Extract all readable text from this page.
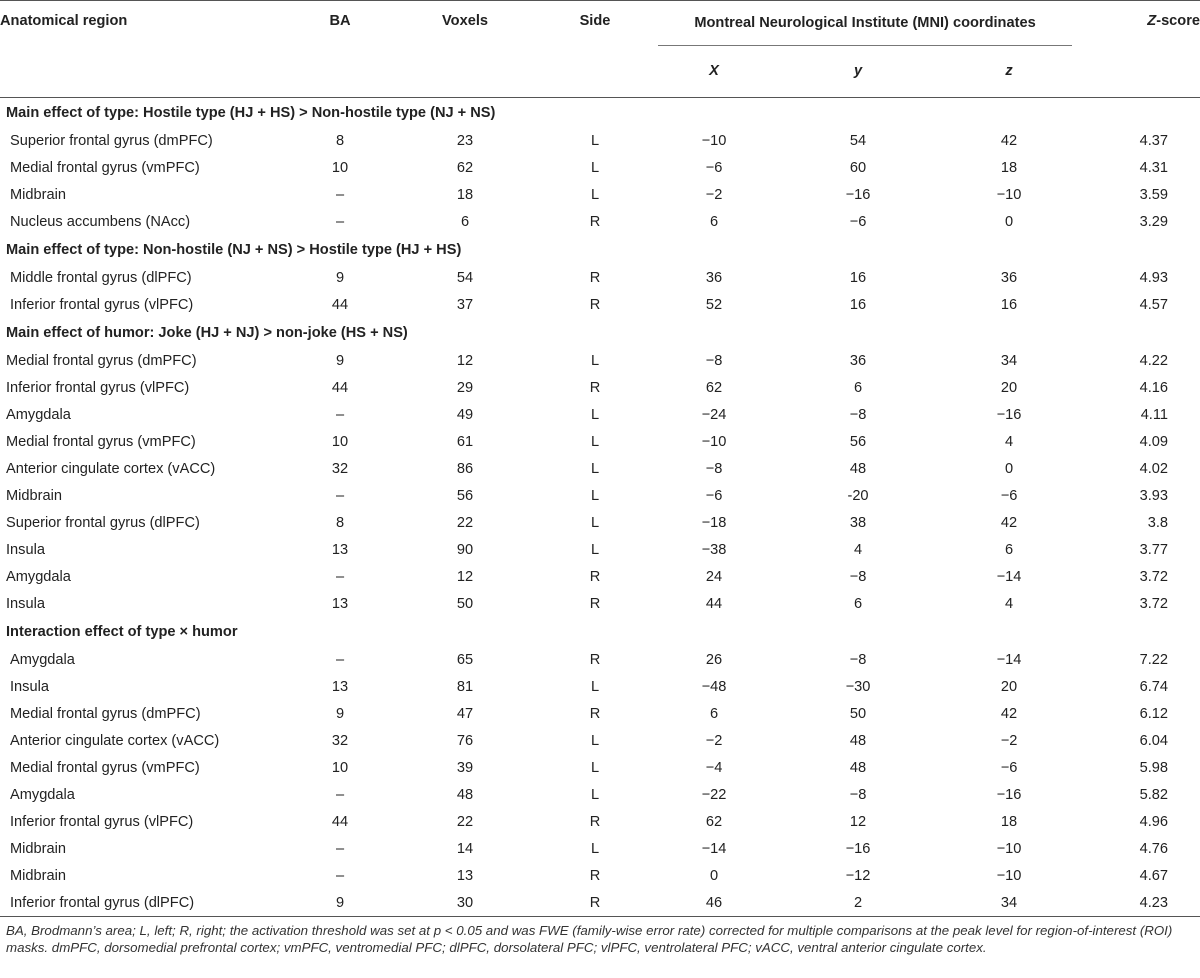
Anatomical region	BA	Voxels	Side	Montreal Neurological Institute (MNI) coordinates			Z-score
				X	y	z	
Main effect of type: Hostile type (HJ + HS) > Non-hostile type (NJ + NS)							
Superior frontal gyrus (dmPFC)	8	23	L	−10	54	42	4.37
Medial frontal gyrus (vmPFC)	10	62	L	−6	60	18	4.31
Midbrain	–	18	L	−2	−16	−10	3.59
Nucleus accumbens (NAcc)	–	6	R	6	−6	0	3.29
Main effect of type: Non-hostile (NJ + NS) > Hostile type (HJ + HS)							
Middle frontal gyrus (dlPFC)	9	54	R	36	16	36	4.93
Inferior frontal gyrus (vlPFC)	44	37	R	52	16	16	4.57
Main effect of humor: Joke (HJ + NJ) > non-joke (HS + NS)							
Medial frontal gyrus (dmPFC)	9	12	L	−8	36	34	4.22
Inferior frontal gyrus (vlPFC)	44	29	R	62	6	20	4.16
Amygdala	–	49	L	−24	−8	−16	4.11
Medial frontal gyrus (vmPFC)	10	61	L	−10	56	4	4.09
Anterior cingulate cortex (vACC)	32	86	L	−8	48	0	4.02
Midbrain	–	56	L	−6	-20	−6	3.93
Superior frontal gyrus (dlPFC)	8	22	L	−18	38	42	3.8
Insula	13	90	L	−38	4	6	3.77
Amygdala	–	12	R	24	−8	−14	3.72
Insula	13	50	R	44	6	4	3.72
Interaction effect of type × humor							
Amygdala	–	65	R	26	−8	−14	7.22
Insula	13	81	L	−48	−30	20	6.74
Medial frontal gyrus (dmPFC)	9	47	R	6	50	42	6.12
Anterior cingulate cortex (vACC)	32	76	L	−2	48	−2	6.04
Medial frontal gyrus (vmPFC)	10	39	L	−4	48	−6	5.98
Amygdala	–	48	L	−22	−8	−16	5.82
Inferior frontal gyrus (vlPFC)	44	22	R	62	12	18	4.96
Midbrain	–	14	L	−14	−16	−10	4.76
Midbrain	–	13	R	0	−12	−10	4.67
Inferior frontal gyrus (dlPFC)	9	30	R	46	2	34	4.23
BA, Brodmann’s area; L, left; R, right; the activation threshold was set at p < 0.05 and was FWE (family-wise error rate) corrected for multiple comparisons at the peak level for region-of-interest (ROI) masks. dmPFC, dorsomedial prefrontal cortex; vmPFC, ventromedial PFC; dlPFC, dorsolateral PFC; vlPFC, ventrolateral PFC; vACC, ventral anterior cingulate cortex.
